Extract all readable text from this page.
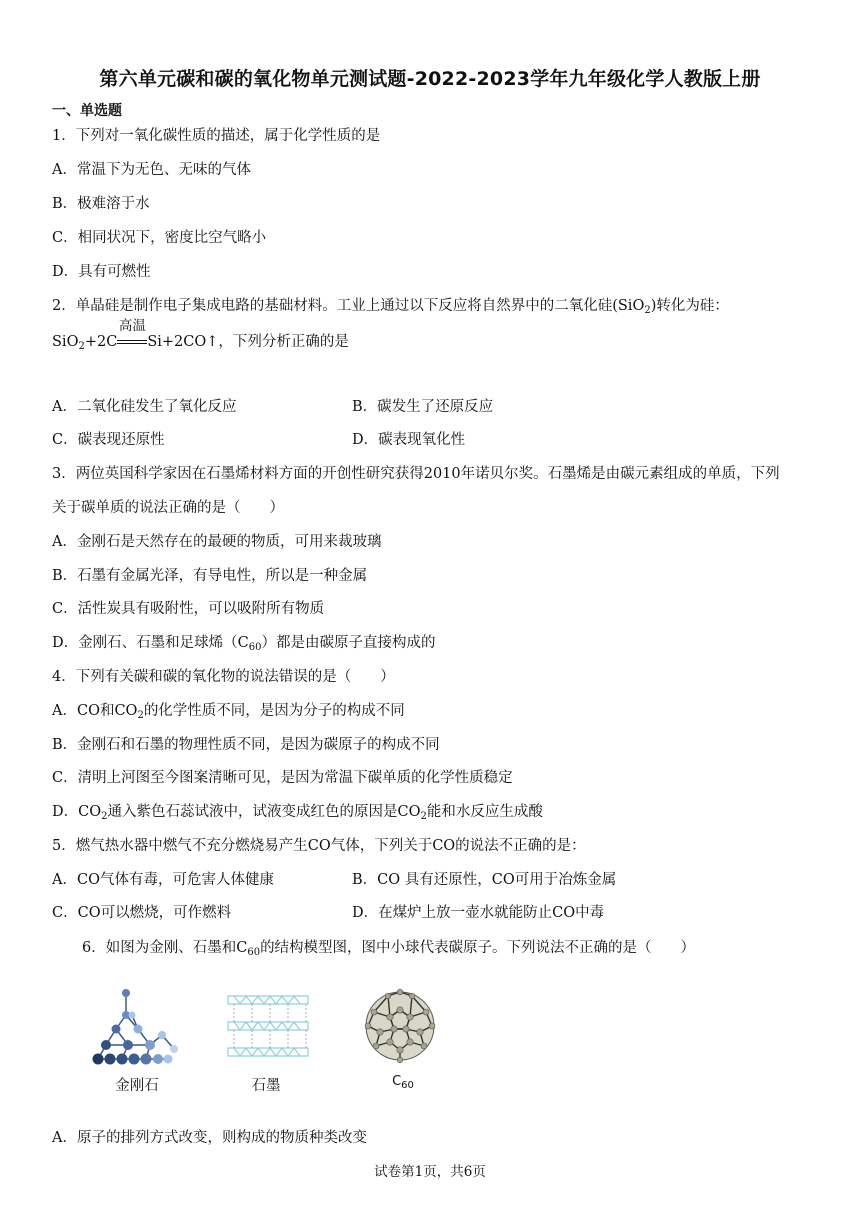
第六单元碳和碳的氧化物单元测试题-2022-2023学年九年级化学人教版上册
一、单选题
1．下列对一氧化碳性质的描述，属于化学性质的是
A．常温下为无色、无味的气体
B．极难溶于水
C．相同状况下，密度比空气略小
D．具有可燃性
2．单晶硅是制作电子集成电路的基础材料。工业上通过以下反应将自然界中的二氧化硅(SiO$_2$)转化为硅：
SiO$_2$+2C
高温
Si+2CO↑，下列分析正确的是
A．二氧化硅发生了氧化反应	B．碳发生了还原反应
C．碳表现还原性	D．碳表现氧化性
3．两位英国科学家因在石墨烯材料方面的开创性研究获得2010年诺贝尔奖。石墨烯是由碳元素组成的单质，下列
关于碳单质的说法正确的是（　　）
A．金刚石是天然存在的最硬的物质，可用来裁玻璃
B．石墨有金属光泽，有导电性，所以是一种金属
C．活性炭具有吸附性，可以吸附所有物质
D．金刚石、石墨和足球烯$(C_{60})$都是由碳原子直接构成的
4．下列有关碳和碳的氧化物的说法错误的是（　　）
A．CO和$CO_2$的化学性质不同，是因为分子的构成不同
B．金刚石和石墨的物理性质不同，是因为碳原子的构成不同
C．清明上河图至今图案清晰可见，是因为常温下碳单质的化学性质稳定
D．$CO_2$通入紫色石蕊试液中，试液变成红色的原因是$CO_2$能和水反应生成酸
5．燃气热水器中燃气不充分燃烧易产生CO气体，下列关于CO的说法不正确的是：
A．CO气体有毒，可危害人体健康	B．CO 具有还原性，CO可用于冶炼金属
C．CO可以燃烧，可作燃料	D．在煤炉上放一壶水就能防止CO中毒
6．如图为金刚、石墨和$C_{60}$的结构模型图，图中小球代表碳原子。下列说法不正确的是（　　）
金刚石	石墨	$C_{60}$
A．原子的排列方式改变，则构成的物质种类改变
试卷第1页，共6页
